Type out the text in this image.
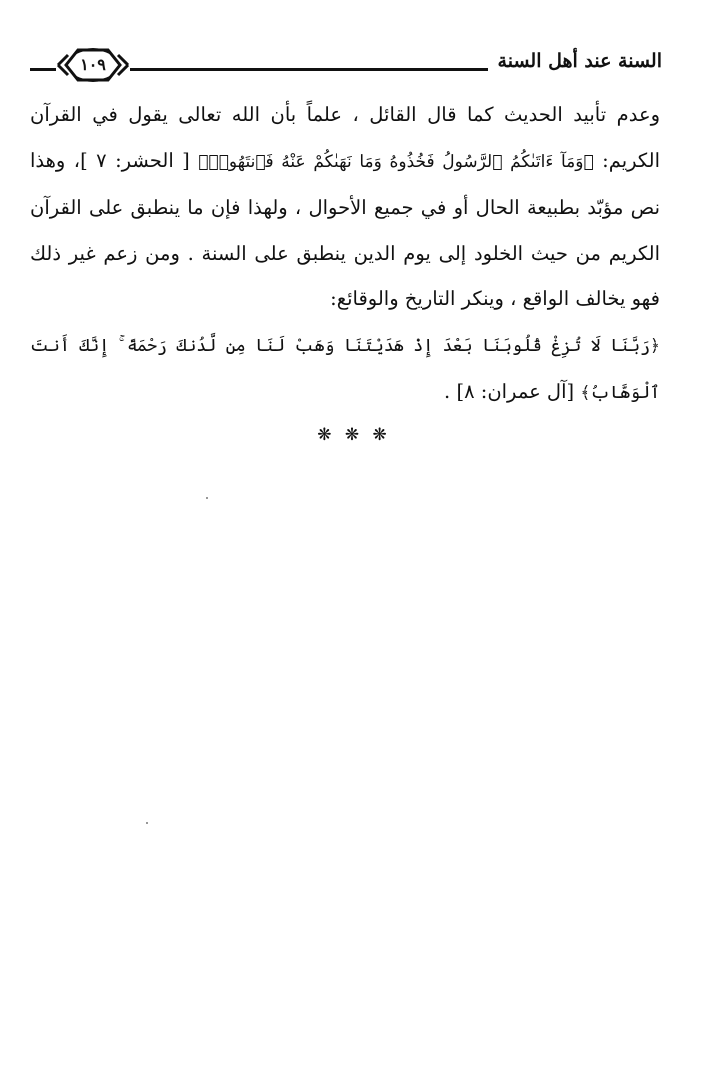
السنة عند أهل السنة
١٠٩

وعدم تأبيد الحديث كما قال القائل ، علماً بأن الله تعالى يقول في القرآن الكريم: ﴿وَمَآ ءَاتَىٰكُمُ ٱلرَّسُولُ فَخُذُوهُ وَمَا نَهَىٰكُمْ عَنْهُ فَٱنتَهُوا۟﴾ [ الحشر: ٧ ]، وهذا نص مؤبّد بطبيعة الحال أو في جميع الأحوال ، ولهذا فإن ما ينطبق على القرآن الكريم من حيث الخلود إلى يوم الدين ينطبق على السنة . ومن زعم غير ذلك فهو يخالف الواقع ، وينكر التاريخ والوقائع:

﴿رَبَّنَا لَا تُزِغْ قُلُوبَنَا بَعْدَ إِذْ هَدَيْتَنَا وَهَبْ لَنَا مِن لَّدُنكَ رَحْمَةً ۚ إِنَّكَ أَنتَ ٱلْوَهَّابُ﴾ [آل عمران: ٨] .

❋ ❋ ❋
